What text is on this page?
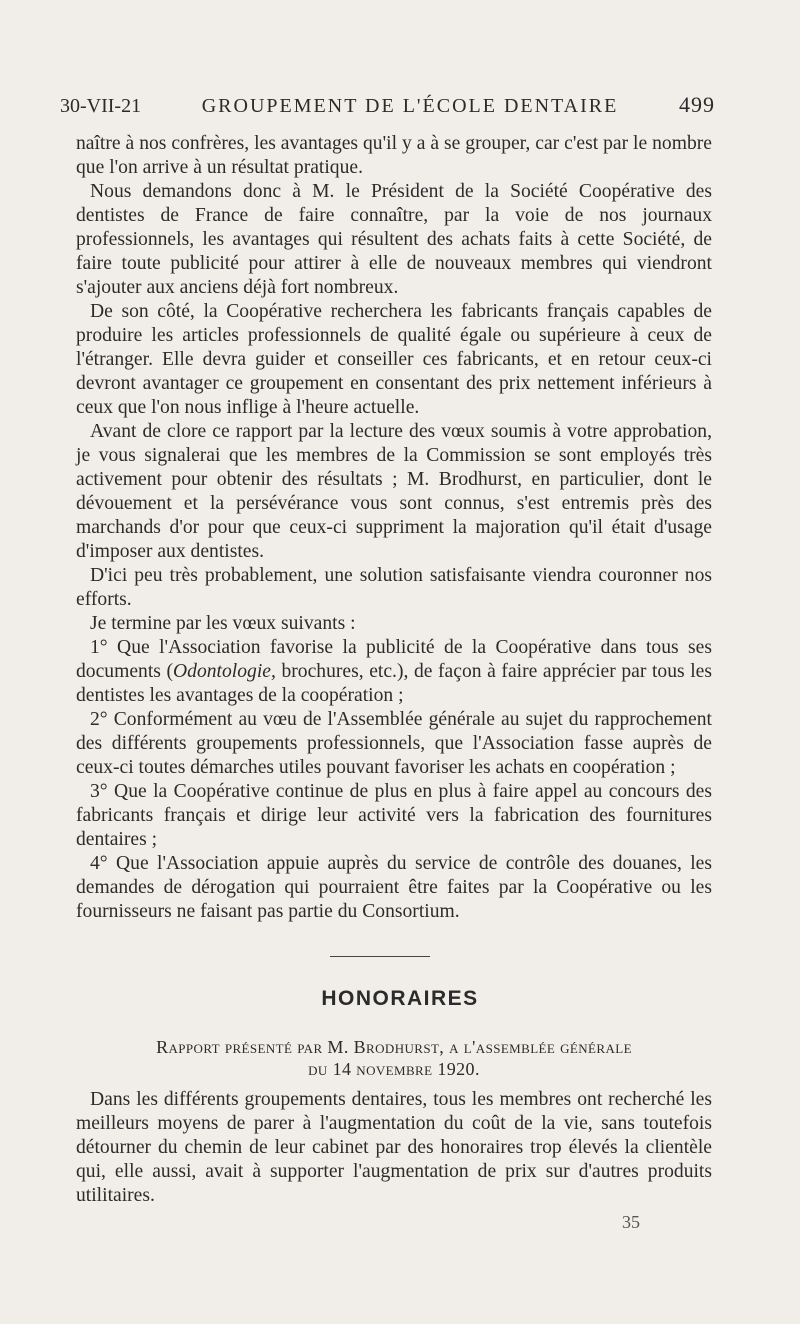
30-VII-21	GROUPEMENT DE L'ÉCOLE DENTAIRE	499

naître à nos confrères, les avantages qu'il y a à se grouper, car c'est par le nombre que l'on arrive à un résultat pratique.

Nous demandons donc à M. le Président de la Société Coopérative des dentistes de France de faire connaître, par la voie de nos journaux professionnels, les avantages qui résultent des achats faits à cette Société, de faire toute publicité pour attirer à elle de nouveaux membres qui viendront s'ajouter aux anciens déjà fort nombreux.

De son côté, la Coopérative recherchera les fabricants français capables de produire les articles professionnels de qualité égale ou supérieure à ceux de l'étranger. Elle devra guider et conseiller ces fabricants, et en retour ceux-ci devront avantager ce groupement en consentant des prix nettement inférieurs à ceux que l'on nous inflige à l'heure actuelle.

Avant de clore ce rapport par la lecture des vœux soumis à votre approbation, je vous signalerai que les membres de la Commission se sont employés très activement pour obtenir des résultats ; M. Brodhurst, en particulier, dont le dévouement et la persévérance vous sont connus, s'est entremis près des marchands d'or pour que ceux-ci suppriment la majoration qu'il était d'usage d'imposer aux dentistes.

D'ici peu très probablement, une solution satisfaisante viendra couronner nos efforts.

Je termine par les vœux suivants :

1° Que l'Association favorise la publicité de la Coopérative dans tous ses documents (Odontologie, brochures, etc.), de façon à faire apprécier par tous les dentistes les avantages de la coopération ;

2° Conformément au vœu de l'Assemblée générale au sujet du rapprochement des différents groupements professionnels, que l'Association fasse auprès de ceux-ci toutes démarches utiles pouvant favoriser les achats en coopération ;

3° Que la Coopérative continue de plus en plus à faire appel au concours des fabricants français et dirige leur activité vers la fabrication des fournitures dentaires ;

4° Que l'Association appuie auprès du service de contrôle des douanes, les demandes de dérogation qui pourraient être faites par la Coopérative ou les fournisseurs ne faisant pas partie du Consortium.

HONORAIRES
Rapport présenté par M. Brodhurst, a l'assemblée générale
du 14 novembre 1920.

Dans les différents groupements dentaires, tous les membres ont recherché les meilleurs moyens de parer à l'augmentation du coût de la vie, sans toutefois détourner du chemin de leur cabinet par des honoraires trop élevés la clientèle qui, elle aussi, avait à supporter l'augmentation de prix sur d'autres produits utilitaires.

35
